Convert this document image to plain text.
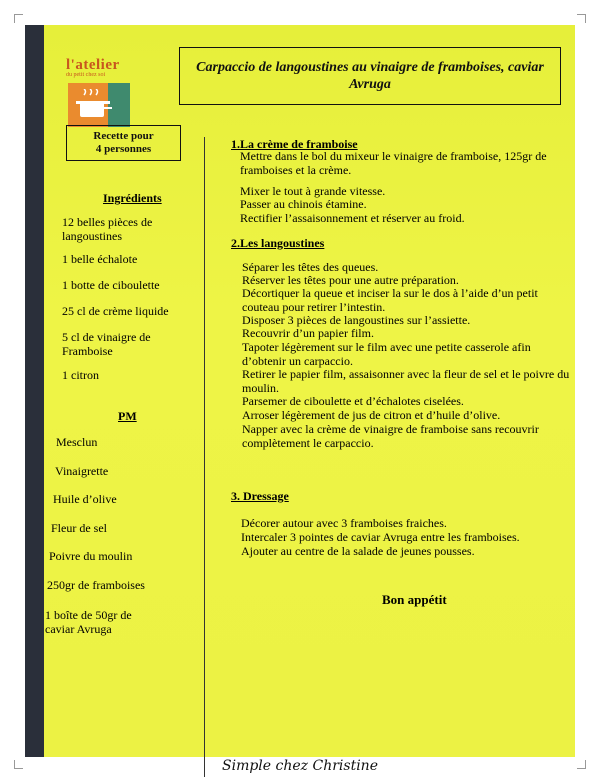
l'atelier
du petit chez soi	Carpaccio de langoustines au vinaigre de framboises, caviar Avruga
Recette pour
4 personnes
Ingrédients
12 belles pièces de langoustines
1 belle échalote
1 botte de ciboulette
25 cl de crème liquide
5 cl de vinaigre de Framboise
1 citron
PM
Mesclun
Vinaigrette
Huile d’olive
Fleur de sel
Poivre du moulin
250gr de framboises
1 boîte de 50gr de caviar Avruga
1.La crème de framboise
Mettre dans le bol du mixeur le vinaigre de framboise, 125gr de framboises et la crème.
Mixer le tout à grande vitesse.
Passer au chinois étamine.
Rectifier l’assaisonnement et réserver au froid.
2.Les langoustines
Séparer les têtes des queues.
Réserver les têtes pour une autre préparation.
Décortiquer la queue et inciser la sur le dos à l’aide d’un petit couteau pour retirer l’intestin.
Disposer 3 pièces de langoustines sur l’assiette.
Recouvrir d’un papier film.
Tapoter légèrement sur le film avec une petite casserole afin d’obtenir un carpaccio.
Retirer le papier film, assaisonner avec la fleur de sel et le poivre du moulin.
Parsemer de ciboulette et d’échalotes ciselées.
Arroser légèrement de jus de citron et d’huile d’olive.
Napper avec la crème de vinaigre de framboise sans recouvrir complètement le carpaccio.
3. Dressage
Décorer autour avec 3 framboises fraiches.
Intercaler 3 pointes de caviar Avruga entre les framboises.
Ajouter au centre de la salade de jeunes pousses.
Bon appétit
Simple chez Christine
